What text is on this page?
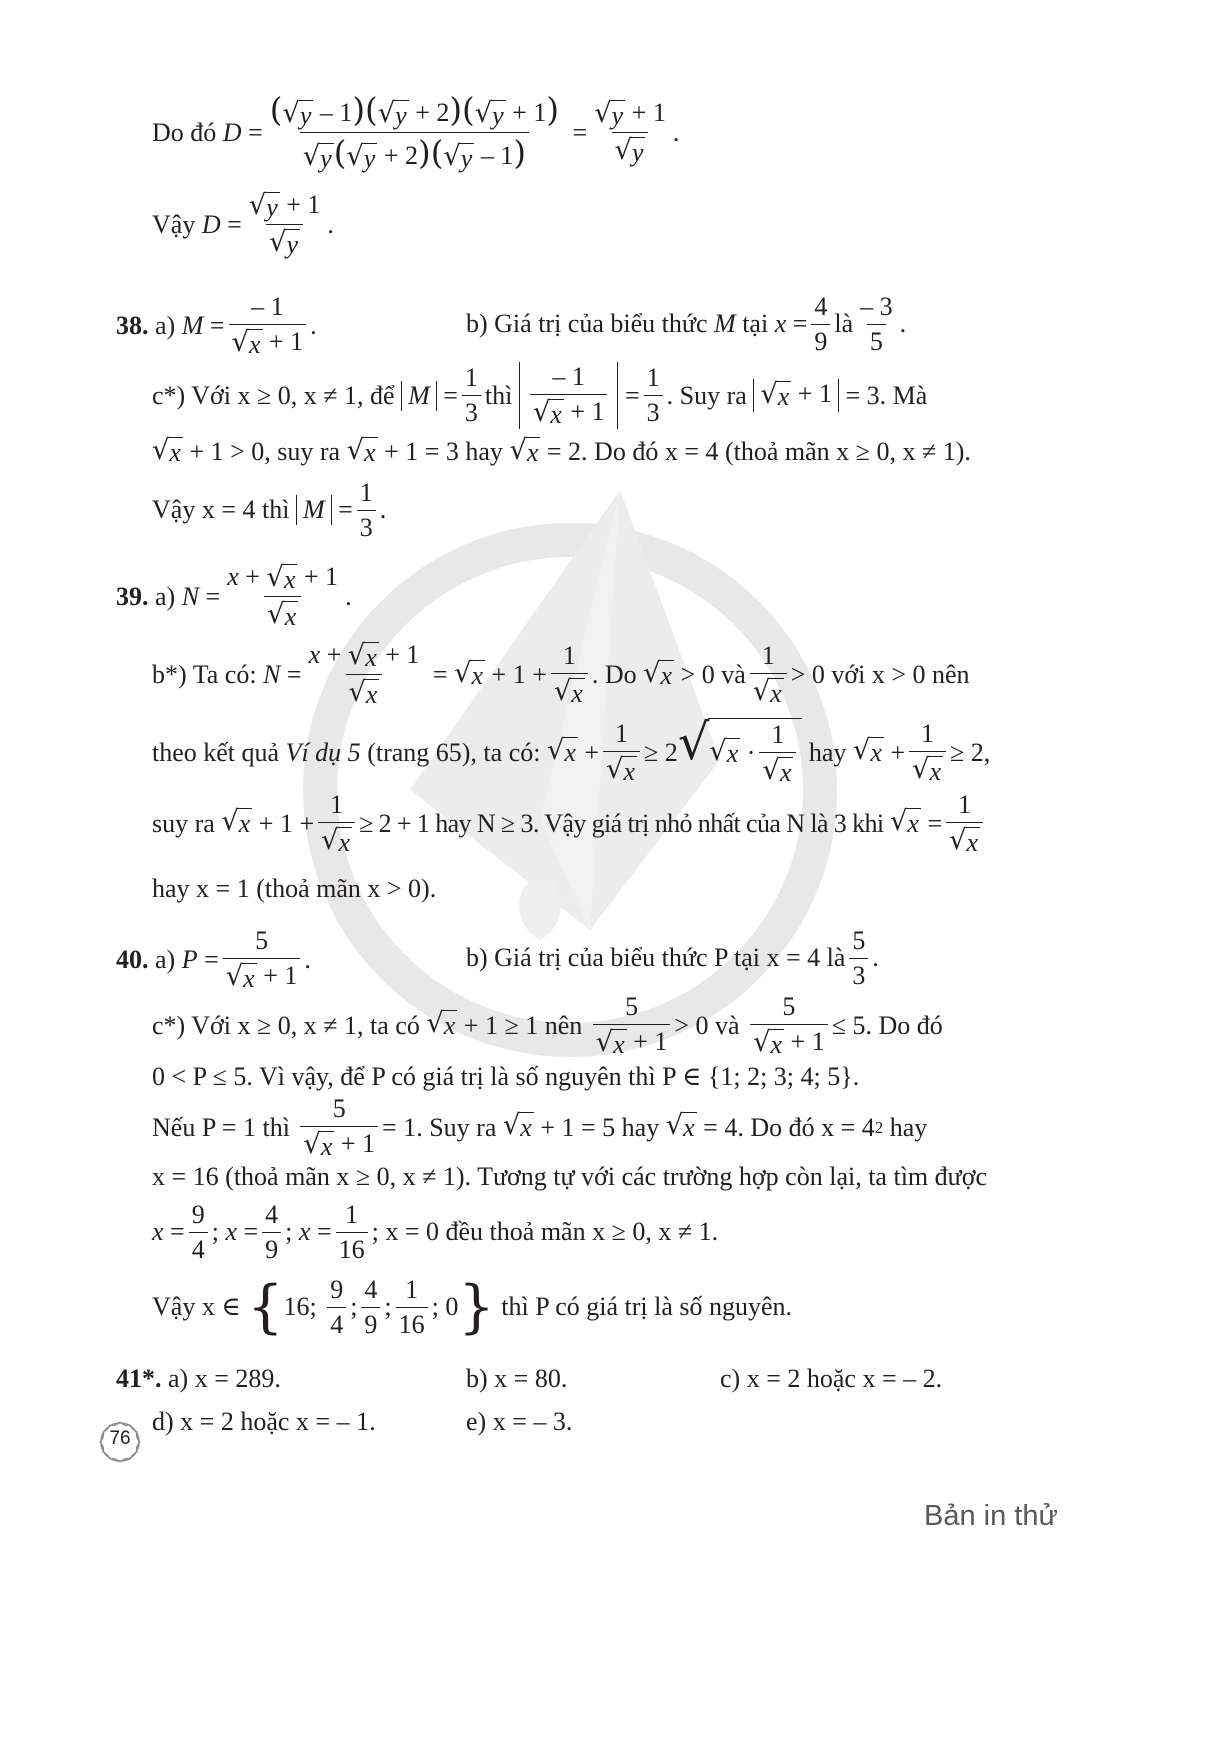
Do đó
$D = \frac{( √ y - 1)( √ y + 2)( √ y + 1)}{√ y ( √ y + 2)( √ y - 1)} = \frac{√ y + 1}{√ y}$ .
Vậy
$D = \frac{√ y + 1}{√ y}$ .
38.
a)
$M = \frac{- 1}{√ x + 1}$ .	b) Giá trị của biểu thức
M
tại
$x = \frac{4}{9}$ là $\frac{- 3}{5}$ .
c*) Với x ≥ 0, x ≠ 1, để
$M = \frac{1}{3}$ thì
$\frac{- 1}{√ x + 1} = \frac{1}{3}$ . Suy ra
√ x + 1
= 3. Mà
√ x
+ 1 > 0, suy ra
√ x
+ 1 = 3 hay
√ x
= 2. Do đó x = 4 (thoả mãn x ≥ 0, x ≠ 1).
Vậy x = 4 thì
$M = \frac{1}{3}$ .
39.
a)
$N = \frac{x + √ x + 1}{√ x}$ .
b*) Ta có:
$N = \frac{x + √ x + 1}{√ x}$ = √ $x + 1 + \frac{1}{√ x}$ . Do
√ x
> 0 và $\frac{1}{√ x} > 0$ với x > 0 nên
theo kết quả
Ví dụ 5
(trang 65), ta có:
√ $x + \frac{1}{√ x} \ge 2$ √ √ $x \cdot \frac{1}{√ x}$
hay
√ $x + \frac{1}{√ x} \ge 2$,
suy ra
√ $x + 1 + \frac{1}{√ x} \ge 2 + 1$ hay N ≥ 3. Vậy giá trị nhỏ nhất của N là 3 khi
√ $x = \frac{1}{√ x}$
hay x = 1 (thoả mãn x > 0).
40.
a)
$P = \frac{5}{√ x + 1}$ .	b) Giá trị của biểu thức P tại x = 4 là $\frac{5}{3}$ .
c*) Với x ≥ 0, x ≠ 1, ta có
√ x
+ 1 ≥ 1 nên
$\frac{5}{√ x + 1} > 0$ và
$\frac{5}{√ x + 1} \le 5$. Do đó
0 < P ≤ 5. Vì vậy, để P có giá trị là số nguyên thì P ∈ {1; 2; 3; 4; 5}.
Nếu P = 1 thì
$\frac{5}{√ x + 1} = 1$. Suy ra
√ x
+ 1 = 5 hay
√ x
= 4. Do đó x = 4 2
hay
x = 16 (thoả mãn x ≥ 0, x ≠ 1). Tương tự với các trường hợp còn lại, ta tìm được
$x = \frac{9}{4}$ ; $x = \frac{4}{9}$ ; $x = \frac{1}{16}$ ; x = 0 đều thoả mãn x ≥ 0, x ≠ 1.
Vậy x ∈
{ 16; $\frac{9}{4}$ ; $\frac{4}{9}$ ; $\frac{1}{16}$ ; 0 }
thì P có giá trị là số nguyên.
41*. a) x = 289.	b) x = 80.	c) x = 2 hoặc x = – 2.
d) x = 2 hoặc x = – 1.	e) x = – 3.
76
Bản in thử
